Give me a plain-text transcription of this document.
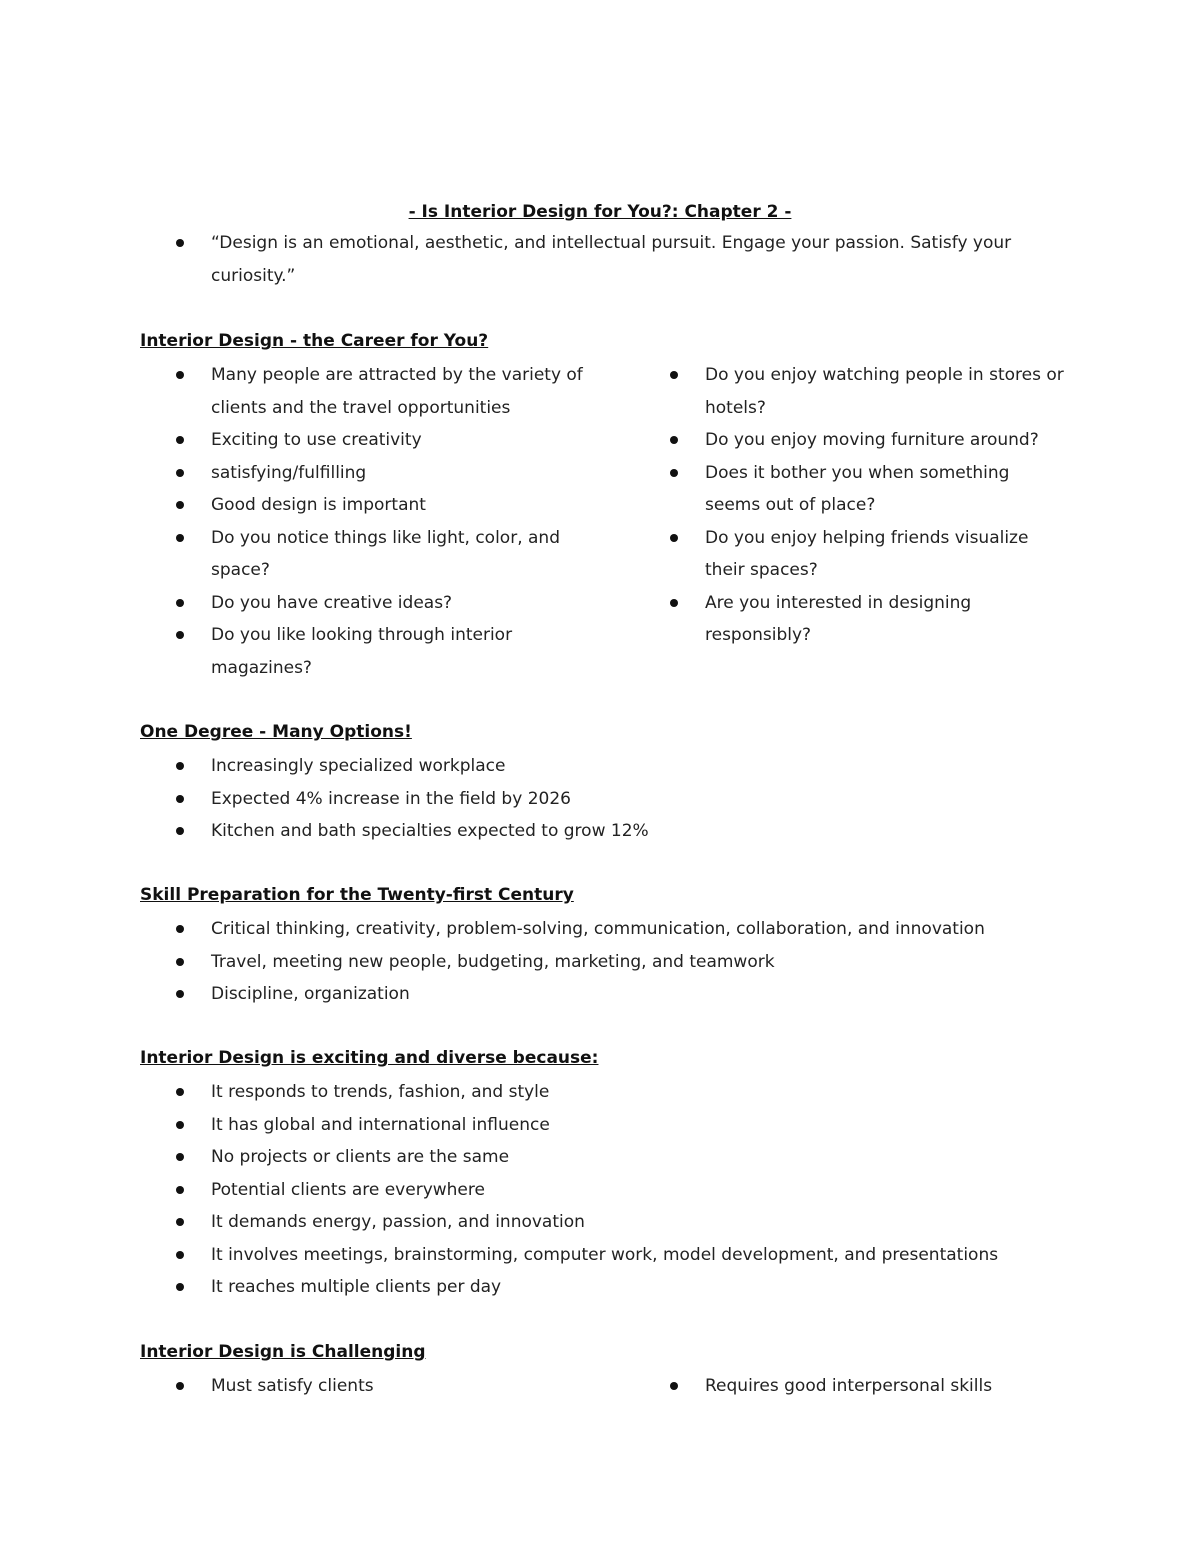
- Is Interior Design for You?: Chapter 2 -
“Design is an emotional, aesthetic, and intellectual pursuit. Engage your passion. Satisfy your curiosity.”
Interior Design - the Career for You?
Many people are attracted by the variety of clients and the travel opportunities
Exciting to use creativity
satisfying/fulfilling
Good design is important
Do you notice things like light, color, and space?
Do you have creative ideas?
Do you like looking through interior magazines?
Do you enjoy watching people in stores or hotels?
Do you enjoy moving furniture around?
Does it bother you when something seems out of place?
Do you enjoy helping friends visualize their spaces?
Are you interested in designing responsibly?
One Degree - Many Options!
Increasingly specialized workplace
Expected 4% increase in the field by 2026
Kitchen and bath specialties expected to grow 12%
Skill Preparation for the Twenty-first Century
Critical thinking, creativity, problem-solving, communication, collaboration, and innovation
Travel, meeting new people, budgeting, marketing, and teamwork
Discipline, organization
Interior Design is exciting and diverse because:
It responds to trends, fashion, and style
It has global and international influence
No projects or clients are the same
Potential clients are everywhere
It demands energy, passion, and innovation
It involves meetings, brainstorming, computer work, model development, and presentations
It reaches multiple clients per day
Interior Design is Challenging
Must satisfy clients	Requires good interpersonal skills
